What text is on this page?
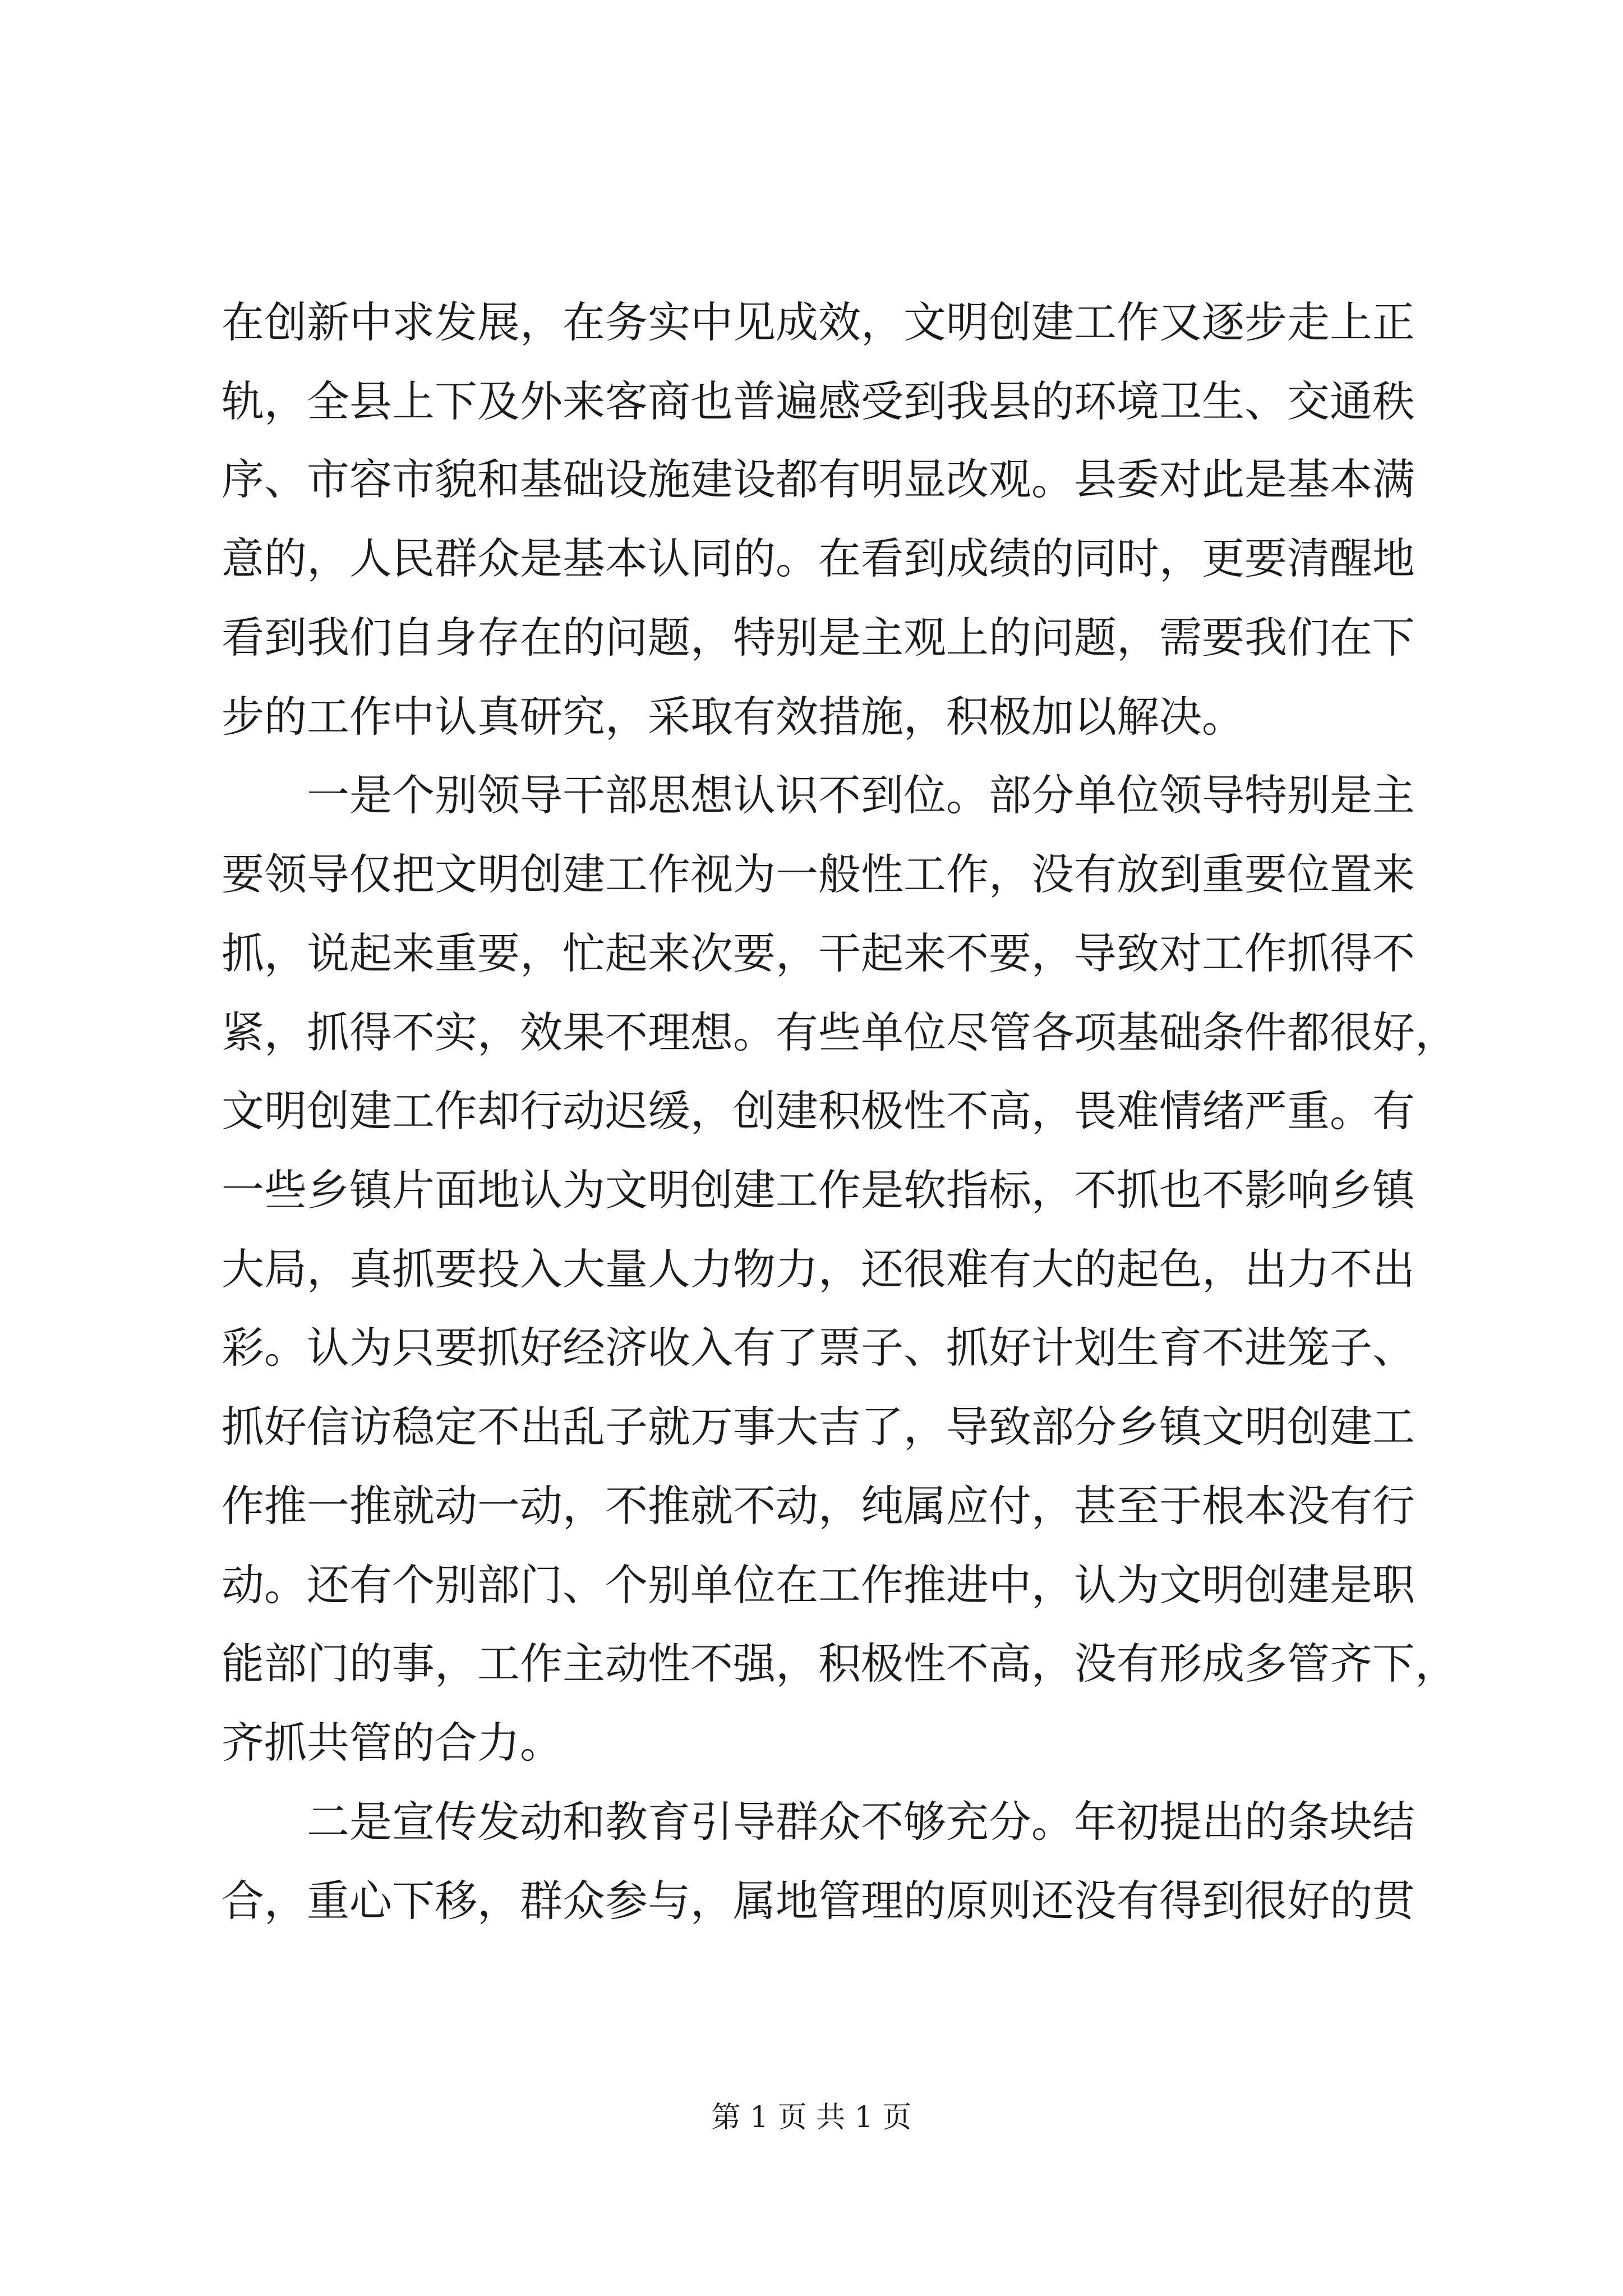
在创新中求发展，在务实中见成效，文明创建工作又逐步走上正
轨，全县上下及外来客商也普遍感受到我县的环境卫生、交通秩
序、市容市貌和基础设施建设都有明显改观。县委对此是基本满
意的，人民群众是基本认同的。在看到成绩的同时，更要清醒地
看到我们自身存在的问题，特别是主观上的问题，需要我们在下
步的工作中认真研究，采取有效措施，积极加以解决。
一是个别领导干部思想认识不到位。部分单位领导特别是主
要领导仅把文明创建工作视为一般性工作，没有放到重要位置来
抓，说起来重要，忙起来次要，干起来不要，导致对工作抓得不
紧，抓得不实，效果不理想。有些单位尽管各项基础条件都很好，
文明创建工作却行动迟缓，创建积极性不高，畏难情绪严重。有
一些乡镇片面地认为文明创建工作是软指标，不抓也不影响乡镇
大局，真抓要投入大量人力物力，还很难有大的起色，出力不出
彩。认为只要抓好经济收入有了票子、抓好计划生育不进笼子、
抓好信访稳定不出乱子就万事大吉了，导致部分乡镇文明创建工
作推一推就动一动，不推就不动，纯属应付，甚至于根本没有行
动。还有个别部门、个别单位在工作推进中，认为文明创建是职
能部门的事，工作主动性不强，积极性不高，没有形成多管齐下，
齐抓共管的合力。
二是宣传发动和教育引导群众不够充分。年初提出的条块结
合，重心下移，群众参与，属地管理的原则还没有得到很好的贯
第 1 页 共 1 页
